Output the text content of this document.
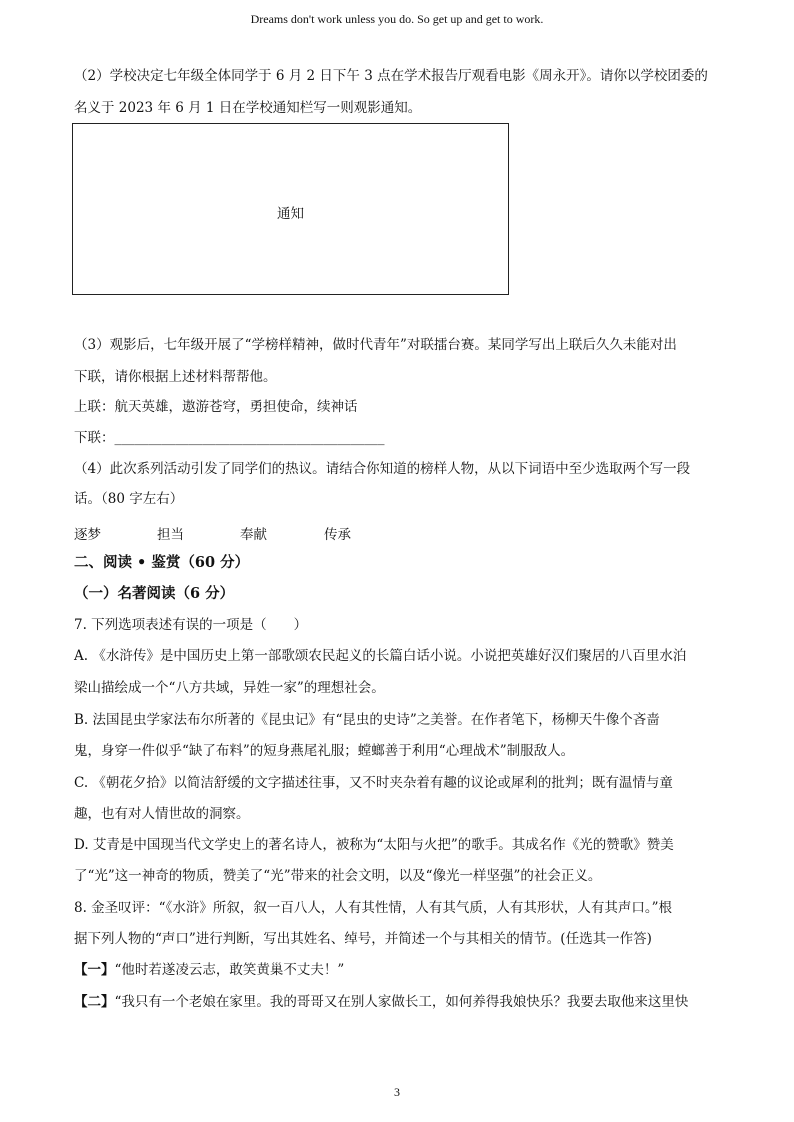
Dreams don't work unless you do. So get up and get to work.
（2）学校决定七年级全体同学于 6 月 2 日下午 3 点在学术报告厅观看电影《周永开》。请你以学校团委的
名义于 2023 年 6 月 1 日在学校通知栏写一则观影通知。
通知
（3）观影后，七年级开展了“学榜样精神，做时代青年”对联擂台赛。某同学写出上联后久久未能对出
下联，请你根据上述材料帮帮他。
上联：航天英雄，遨游苍穹，勇担使命，续神话
下联：________________________________________
（4）此次系列活动引发了同学们的热议。请结合你知道的榜样人物，从以下词语中至少选取两个写一段
话。（80 字左右）
逐梦	担当	奉献	传承
二、阅读 • 鉴赏（60 分）
（一）名著阅读（6 分）
7. 下列选项表述有误的一项是（　　）
A. 《水浒传》是中国历史上第一部歌颂农民起义的长篇白话小说。小说把英雄好汉们聚居的八百里水泊
梁山描绘成一个“八方共域，异姓一家”的理想社会。
B. 法国昆虫学家法布尔所著的《昆虫记》有“昆虫的史诗”之美誉。在作者笔下，杨柳天牛像个吝啬
鬼，身穿一件似乎“缺了布料”的短身燕尾礼服；螳螂善于利用“心理战术”制服敌人。
C. 《朝花夕拾》以简洁舒缓的文字描述往事，又不时夹杂着有趣的议论或犀利的批判；既有温情与童
趣，也有对人情世故的洞察。
D. 艾青是中国现当代文学史上的著名诗人，被称为“太阳与火把”的歌手。其成名作《光的赞歌》赞美
了“光”这一神奇的物质，赞美了“光”带来的社会文明，以及“像光一样坚强”的社会正义。
8. 金圣叹评：“《水浒》所叙，叙一百八人，人有其性情，人有其气质，人有其形状，人有其声口。”根
据下列人物的“声口”进行判断，写出其姓名、绰号，并简述一个与其相关的情节。(任选其一作答)
【一】“他时若遂凌云志，敢笑黄巢不丈夫！”
【二】“我只有一个老娘在家里。我的哥哥又在别人家做长工，如何养得我娘快乐？我要去取他来这里快
3
